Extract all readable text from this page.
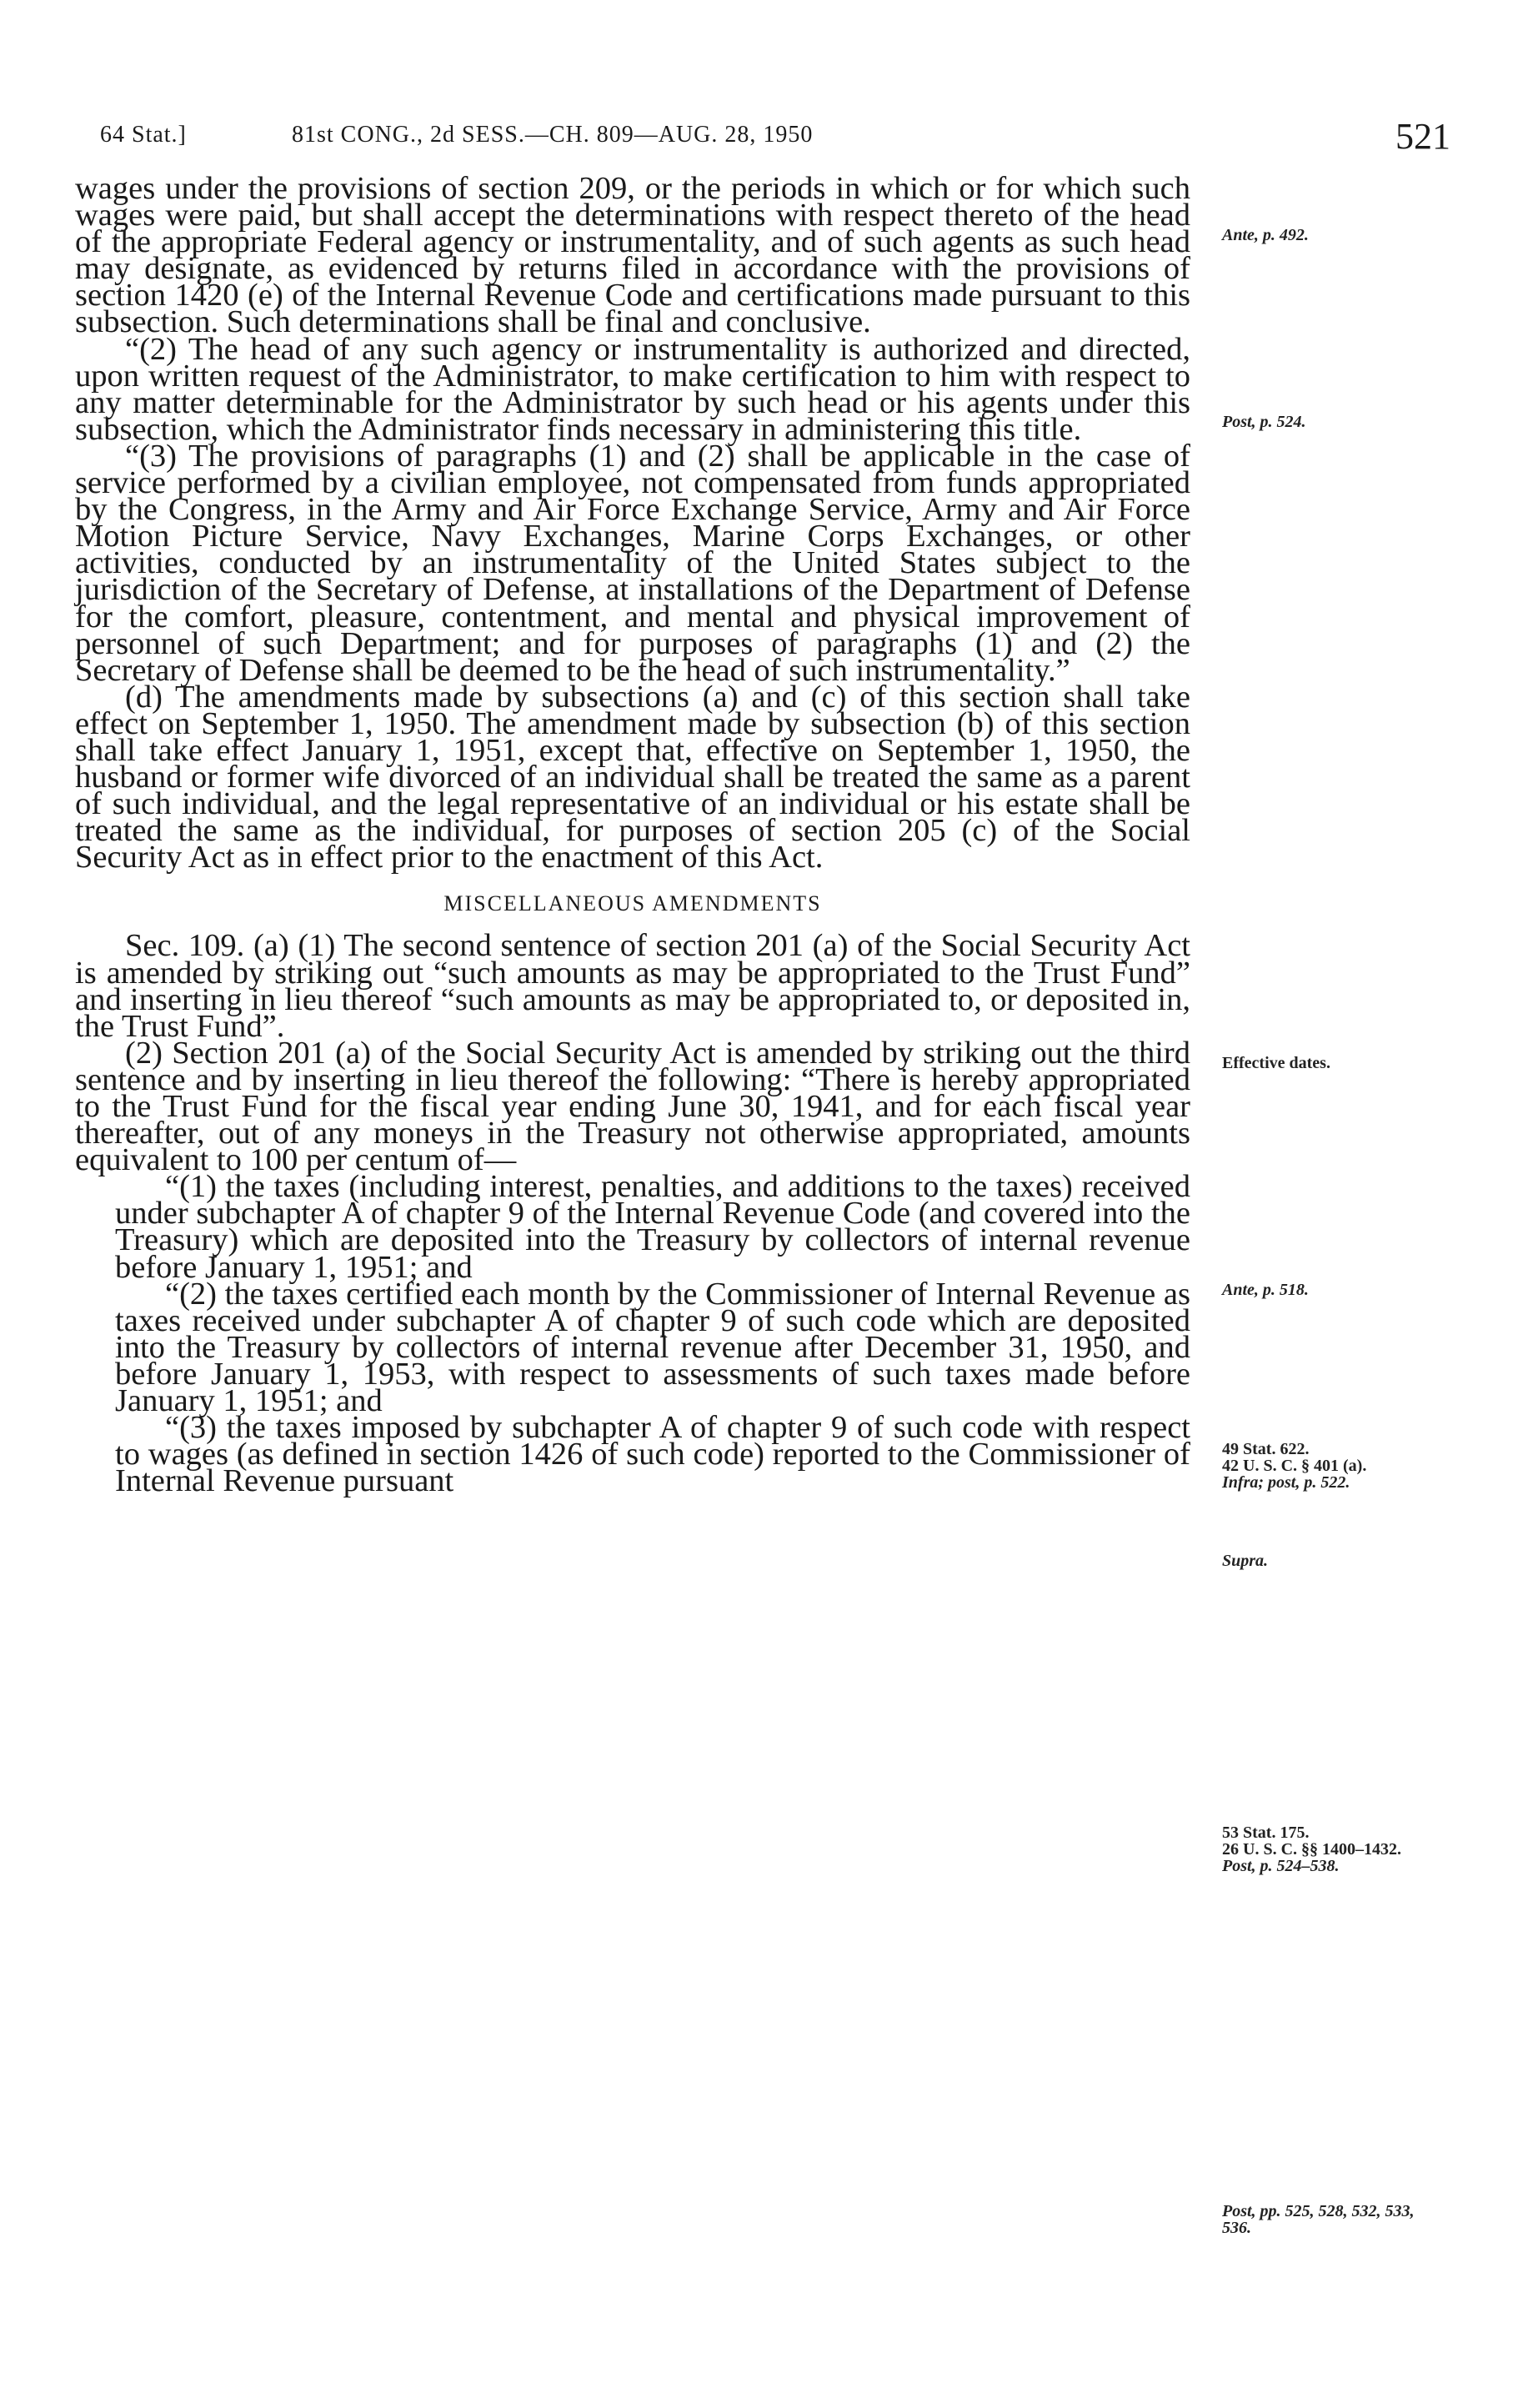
64 Stat.]	81st CONG., 2d SESS.—CH. 809—AUG. 28, 1950	521

wages under the provisions of section 209, or the periods in which or for which such wages were paid, but shall accept the determinations with respect thereto of the head of the appropriate Federal agency or instrumentality, and of such agents as such head may designate, as evidenced by returns filed in accordance with the provisions of section 1420 (e) of the Internal Revenue Code and certifications made pursuant to this subsection. Such determinations shall be final and conclusive.

“(2) The head of any such agency or instrumentality is authorized and directed, upon written request of the Administrator, to make certification to him with respect to any matter determinable for the Administrator by such head or his agents under this subsection, which the Administrator finds necessary in administering this title.

“(3) The provisions of paragraphs (1) and (2) shall be applicable in the case of service performed by a civilian employee, not compensated from funds appropriated by the Congress, in the Army and Air Force Exchange Service, Army and Air Force Motion Picture Service, Navy Exchanges, Marine Corps Exchanges, or other activities, conducted by an instrumentality of the United States subject to the jurisdiction of the Secretary of Defense, at installations of the Department of Defense for the comfort, pleasure, contentment, and mental and physical improvement of personnel of such Department; and for purposes of paragraphs (1) and (2) the Secretary of Defense shall be deemed to be the head of such instrumentality.”

(d) The amendments made by subsections (a) and (c) of this section shall take effect on September 1, 1950. The amendment made by subsection (b) of this section shall take effect January 1, 1951, except that, effective on September 1, 1950, the husband or former wife divorced of an individual shall be treated the same as a parent of such individual, and the legal representative of an individual or his estate shall be treated the same as the individual, for purposes of section 205 (c) of the Social Security Act as in effect prior to the enactment of this Act.

MISCELLANEOUS AMENDMENTS

Sec. 109. (a) (1) The second sentence of section 201 (a) of the Social Security Act is amended by striking out “such amounts as may be appropriated to the Trust Fund” and inserting in lieu thereof “such amounts as may be appropriated to, or deposited in, the Trust Fund”.

(2) Section 201 (a) of the Social Security Act is amended by striking out the third sentence and by inserting in lieu thereof the following: “There is hereby appropriated to the Trust Fund for the fiscal year ending June 30, 1941, and for each fiscal year thereafter, out of any moneys in the Treasury not otherwise appropriated, amounts equivalent to 100 per centum of—

“(1) the taxes (including interest, penalties, and additions to the taxes) received under subchapter A of chapter 9 of the Internal Revenue Code (and covered into the Treasury) which are deposited into the Treasury by collectors of internal revenue before January 1, 1951; and

“(2) the taxes certified each month by the Commissioner of Internal Revenue as taxes received under subchapter A of chapter 9 of such code which are deposited into the Treasury by collectors of internal revenue after December 31, 1950, and before January 1, 1953, with respect to assessments of such taxes made before January 1, 1951; and

“(3) the taxes imposed by subchapter A of chapter 9 of such code with respect to wages (as defined in section 1426 of such code) reported to the Commissioner of Internal Revenue pursuant

Ante, p. 492.
Post, p. 524.
Effective dates.
Ante, p. 518.
49 Stat. 622.
42 U. S. C. § 401 (a).
Infra; post, p. 522.
Supra.
53 Stat. 175.
26 U. S. C. §§ 1400–1432.
Post, p. 524–538.
Post, pp. 525, 528, 532, 533, 536.
